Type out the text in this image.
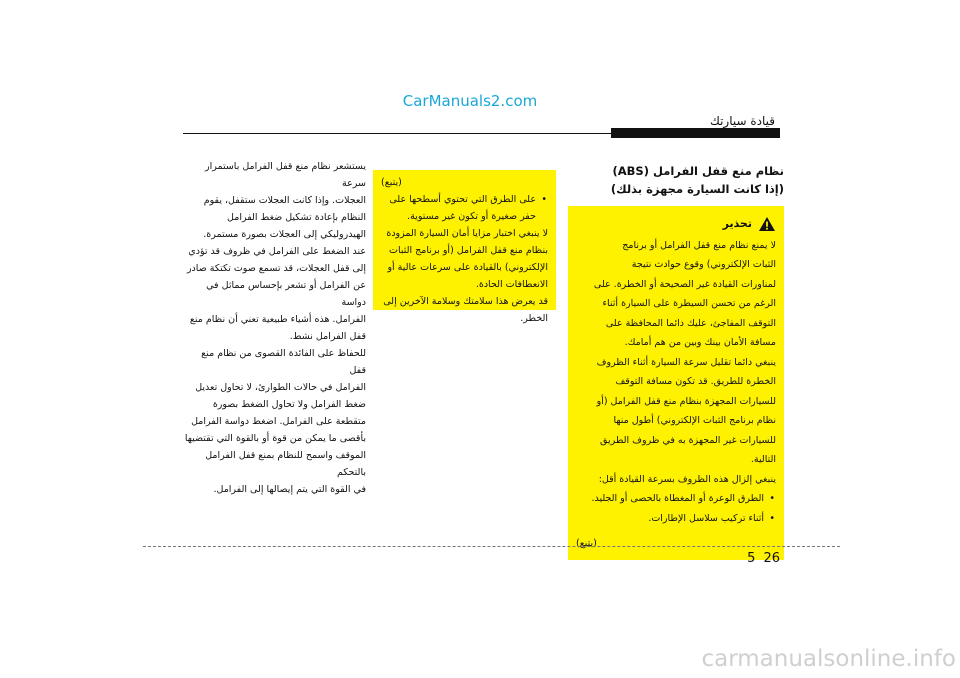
CarManuals2.com
قيادة سيارتك
نظام منع قفل الفرامل (ABS)
(إذا كانت السيارة مجهزة بذلك)
تحذير
لا يمنع نظام منع قفل الفرامل أو برنامج
الثبات الإلكتروني) وقوع حوادث نتيجة
لمناورات القيادة غير الصحيحة أو الخطرة. على
الرغم من تحسن السيطرة على السيارة أثناء
التوقف المفاجئ، عليك دائما المحافظة على
مسافة الأمان بينك وبين من هم أمامك.
ينبغي دائما تقليل سرعة السيارة أثناء الظروف
الخطرة للطريق. قد تكون مسافة التوقف
للسيارات المجهزة بنظام منع قفل الفرامل (أو
نظام برنامج الثبات الإلكتروني) أطول منها
للسيارات غير المجهزة به في ظروف الطريق
التالية.
ينبغي إلزال هذه الظروف بسرعة القيادة أقل:
• الطرق الوعرة أو المغطاة بالحصى أو الجليد.
• أثناء تركيب سلاسل الإطارات.
(يتبع)
(يتبع)
• على الطرق التي تحتوي أسطحها على حفر صغيرة أو تكون غير مستوية.
لا ينبغي اختبار مزايا أمان السيارة المزودة
بنظام منع قفل الفرامل (أو برنامج الثبات
الإلكتروني) بالقيادة على سرعات عالية أو
الانعطافات الحادة.
قد يعرض هذا سلامتك وسلامة الآخرين إلى
الخطر.
يستشعر نظام منع قفل الفرامل باستمرار سرعة
العجلات. وإذا كانت العجلات ستقفل، يقوم
النظام بإعادة تشكيل ضغط الفرامل
الهيدروليكي إلى العجلات بصورة مستمرة.
عند الضغط على الفرامل في ظروف قد تؤدي
إلى قفل العجلات، قد تسمع صوت تكتكة صادر
عن الفرامل أو تشعر بإحساس مماثل في دواسة
الفرامل. هذه أشياء طبيعية تعني أن نظام منع
قفل الفرامل نشط.
للحفاظ على الفائدة القصوى من نظام منع قفل
الفرامل في حالات الطوارئ، لا تحاول تعديل
ضغط الفرامل ولا تحاول الضغط بصورة
متقطعة على الفرامل. اضغط دواسة الفرامل
بأقصى ما يمكن من قوة أو بالقوة التي تقتضيها
الموقف واسمح للنظام بمنع قفل الفرامل بالتحكم
في القوة التي يتم إيصالها إلى الفرامل.
5 26
carmanualsonline.info
